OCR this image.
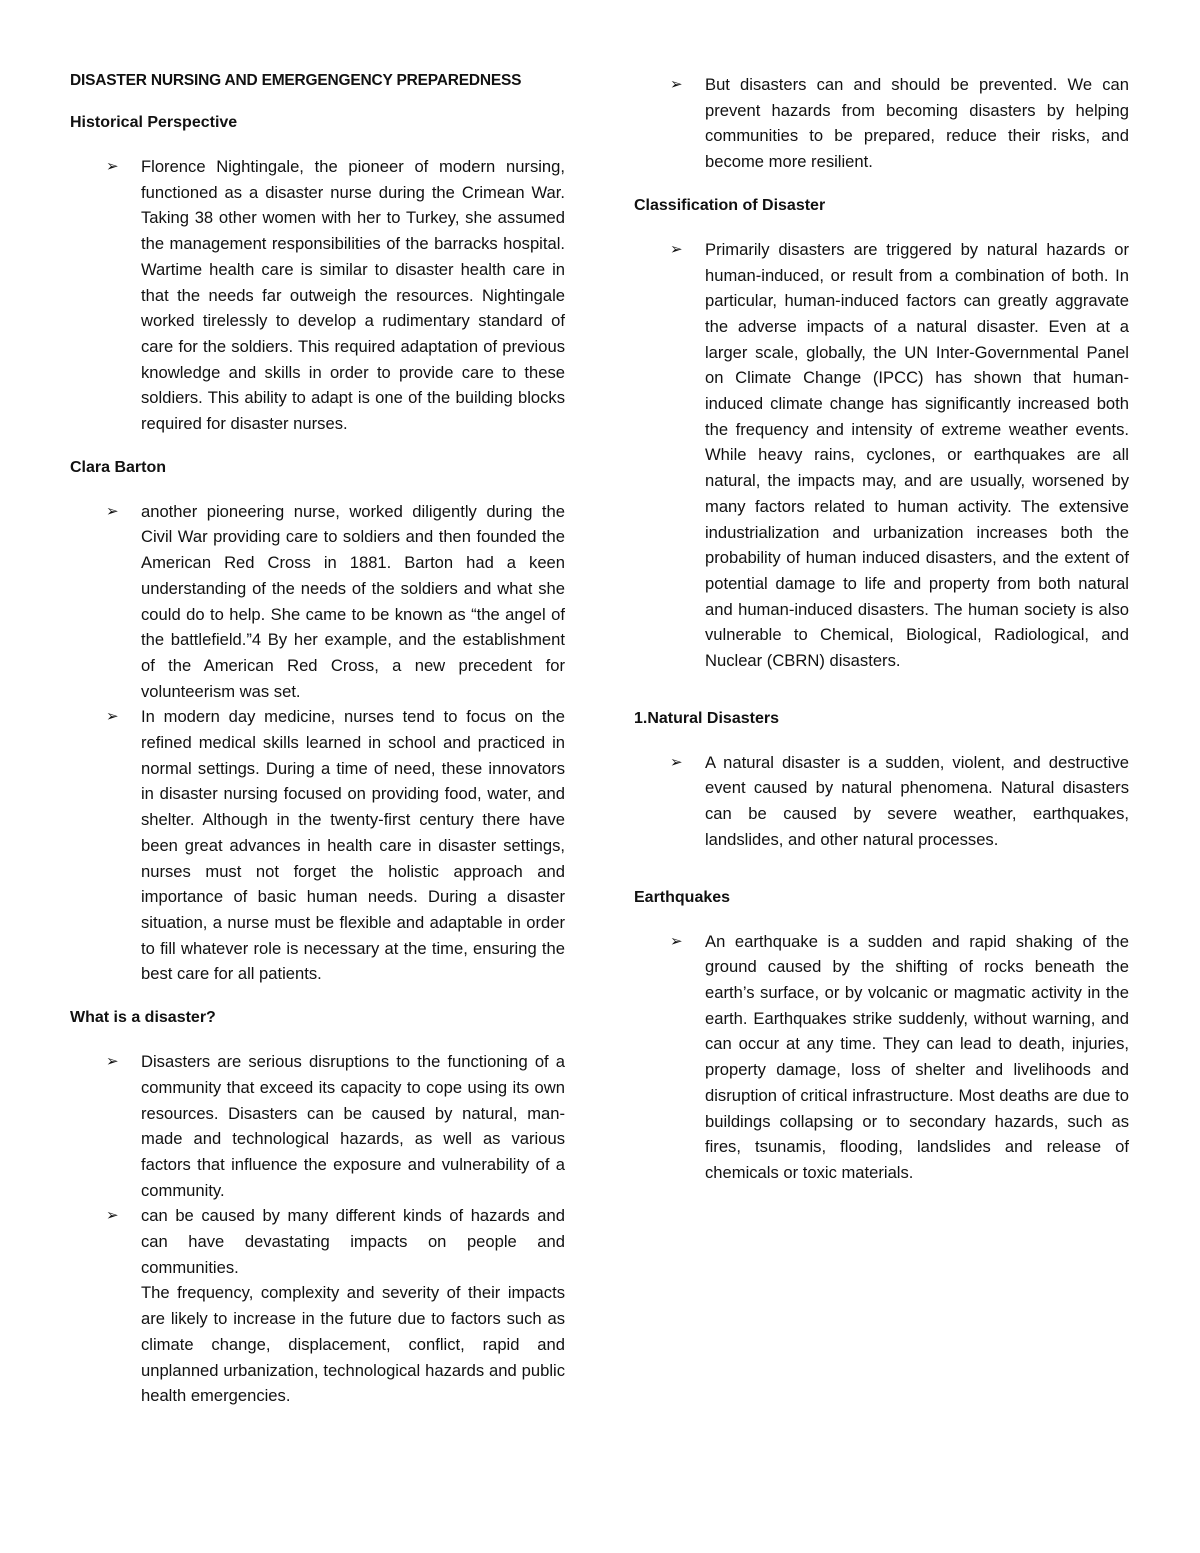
DISASTER NURSING AND EMERGENGENCY PREPAREDNESS
Historical Perspective
➢ Florence Nightingale, the pioneer of modern nursing, functioned as a disaster nurse during the Crimean War. Taking 38 other women with her to Turkey, she assumed the management responsibilities of the barracks hospital. Wartime health care is similar to disaster health care in that the needs far outweigh the resources. Nightingale worked tirelessly to develop a rudimentary standard of care for the soldiers. This required adaptation of previous knowledge and skills in order to provide care to these soldiers. This ability to adapt is one of the building blocks required for disaster nurses.
Clara Barton
➢ another pioneering nurse, worked diligently during the Civil War providing care to soldiers and then founded the American Red Cross in 1881. Barton had a keen understanding of the needs of the soldiers and what she could do to help. She came to be known as “the angel of the battlefield.”4 By her example, and the establishment of the American Red Cross, a new precedent for volunteerism was set.
➢ In modern day medicine, nurses tend to focus on the refined medical skills learned in school and practiced in normal settings. During a time of need, these innovators in disaster nursing focused on providing food, water, and shelter. Although in the twenty-first century there have been great advances in health care in disaster settings, nurses must not forget the holistic approach and importance of basic human needs. During a disaster situation, a nurse must be flexible and adaptable in order to fill whatever role is necessary at the time, ensuring the best care for all patients.
What is a disaster?
➢ Disasters are serious disruptions to the functioning of a community that exceed its capacity to cope using its own resources. Disasters can be caused by natural, man-made and technological hazards, as well as various factors that influence the exposure and vulnerability of a community.
➢ can be caused by many different kinds of hazards and can have devastating impacts on people and communities.
The frequency, complexity and severity of their impacts are likely to increase in the future due to factors such as climate change, displacement, conflict, rapid and unplanned urbanization, technological hazards and public health emergencies.
➢ But disasters can and should be prevented. We can prevent hazards from becoming disasters by helping communities to be prepared, reduce their risks, and become more resilient.
Classification of Disaster
➢ Primarily disasters are triggered by natural hazards or human-induced, or result from a combination of both. In particular, human-induced factors can greatly aggravate the adverse impacts of a natural disaster. Even at a larger scale, globally, the UN Inter-Governmental Panel on Climate Change (IPCC) has shown that human-induced climate change has significantly increased both the frequency and intensity of extreme weather events. While heavy rains, cyclones, or earthquakes are all natural, the impacts may, and are usually, worsened by many factors related to human activity. The extensive industrialization and urbanization increases both the probability of human induced disasters, and the extent of potential damage to life and property from both natural and human-induced disasters. The human society is also vulnerable to Chemical, Biological, Radiological, and Nuclear (CBRN) disasters.
1.Natural Disasters
➢ A natural disaster is a sudden, violent, and destructive event caused by natural phenomena. Natural disasters can be caused by severe weather, earthquakes, landslides, and other natural processes.
Earthquakes
➢ An earthquake is a sudden and rapid shaking of the ground caused by the shifting of rocks beneath the earth’s surface, or by volcanic or magmatic activity in the earth. Earthquakes strike suddenly, without warning, and can occur at any time. They can lead to death, injuries, property damage, loss of shelter and livelihoods and disruption of critical infrastructure. Most deaths are due to buildings collapsing or to secondary hazards, such as fires, tsunamis, flooding, landslides and release of chemicals or toxic materials.
